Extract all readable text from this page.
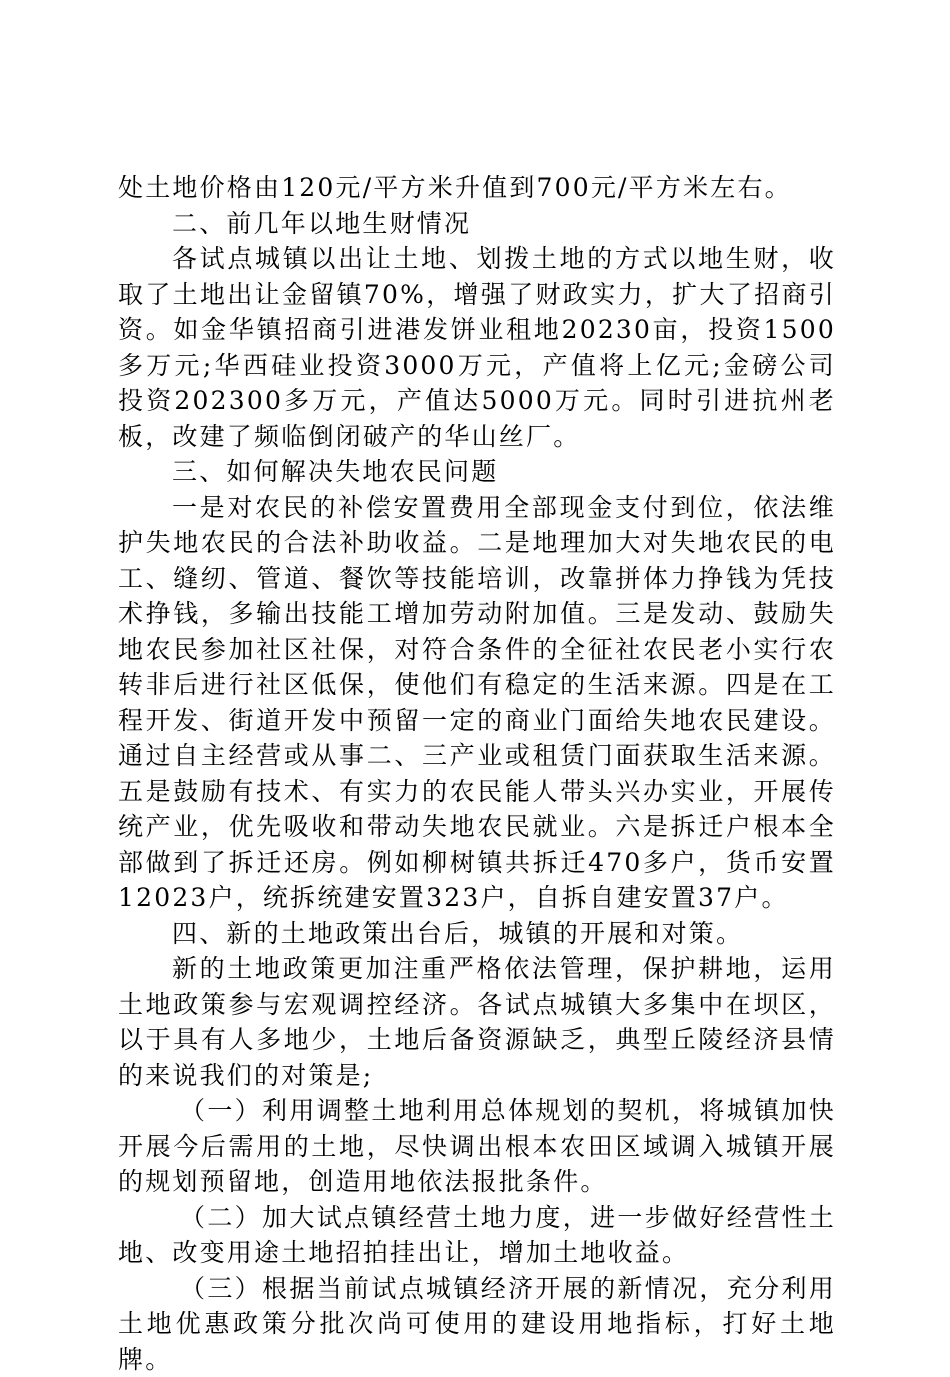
处土地价格由120元/平方米升值到700元/平方米左右。

二、前几年以地生财情况

各试点城镇以出让土地、划拨土地的方式以地生财，收取了土地出让金留镇70%，增强了财政实力，扩大了招商引资。如金华镇招商引进港发饼业租地20230亩，投资1500多万元;华西硅业投资3000万元，产值将上亿元;金磅公司投资202300多万元，产值达5000万元。同时引进抗州老板，改建了频临倒闭破产的华山丝厂。

三、如何解决失地农民问题

一是对农民的补偿安置费用全部现金支付到位，依法维护失地农民的合法补助收益。二是地理加大对失地农民的电工、缝纫、管道、餐饮等技能培训，改靠拼体力挣钱为凭技术挣钱，多输出技能工增加劳动附加值。三是发动、鼓励失地农民参加社区社保，对符合条件的全征社农民老小实行农转非后进行社区低保，使他们有稳定的生活来源。四是在工程开发、街道开发中预留一定的商业门面给失地农民建设。通过自主经营或从事二、三产业或租赁门面获取生活来源。五是鼓励有技术、有实力的农民能人带头兴办实业，开展传统产业，优先吸收和带动失地农民就业。六是拆迁户根本全部做到了拆迁还房。例如柳树镇共拆迁470多户，货币安置12023户，统拆统建安置323户，自拆自建安置37户。

四、新的土地政策出台后，城镇的开展和对策。

新的土地政策更加注重严格依法管理，保护耕地，运用土地政策参与宏观调控经济。各试点城镇大多集中在坝区，以于具有人多地少，土地后备资源缺乏，典型丘陵经济县情的来说我们的对策是;

（一）利用调整土地利用总体规划的契机，将城镇加快开展今后需用的土地，尽快调出根本农田区域调入城镇开展的规划预留地，创造用地依法报批条件。

（二）加大试点镇经营土地力度，进一步做好经营性土地、改变用途土地招拍挂出让，增加土地收益。

（三）根据当前试点城镇经济开展的新情况，充分利用土地优惠政策分批次尚可使用的建设用地指标，打好土地牌。
